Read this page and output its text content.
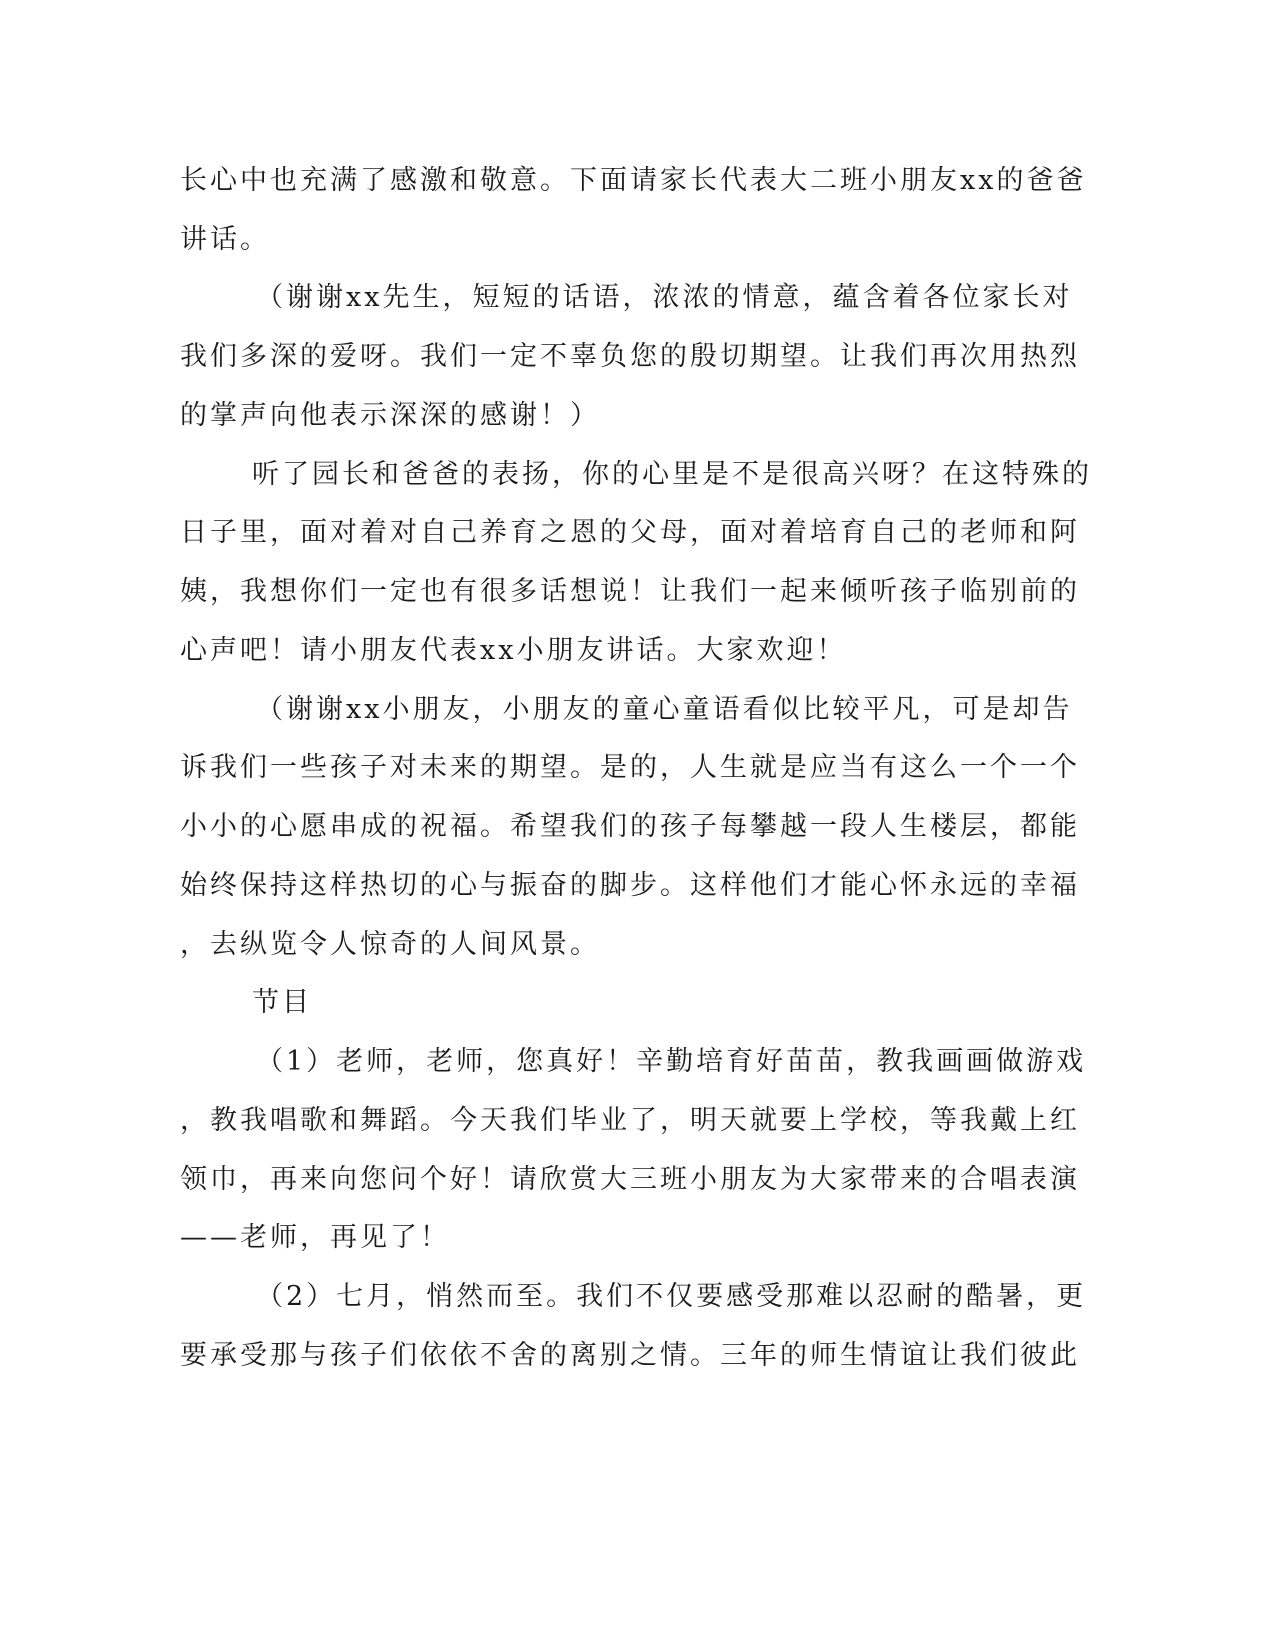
长心中也充满了感激和敬意。下面请家长代表大二班小朋友xx的爸爸
讲话。
（谢谢xx先生，短短的话语，浓浓的情意，蕴含着各位家长对
我们多深的爱呀。我们一定不辜负您的殷切期望。让我们再次用热烈
的掌声向他表示深深的感谢！）
听了园长和爸爸的表扬，你的心里是不是很高兴呀？在这特殊的
日子里，面对着对自己养育之恩的父母，面对着培育自己的老师和阿
姨，我想你们一定也有很多话想说！让我们一起来倾听孩子临别前的
心声吧！请小朋友代表xx小朋友讲话。大家欢迎！
（谢谢xx小朋友，小朋友的童心童语看似比较平凡，可是却告
诉我们一些孩子对未来的期望。是的，人生就是应当有这么一个一个
小小的心愿串成的祝福。希望我们的孩子每攀越一段人生楼层，都能
始终保持这样热切的心与振奋的脚步。这样他们才能心怀永远的幸福
，去纵览令人惊奇的人间风景。
节目
（1）老师，老师，您真好！辛勤培育好苗苗，教我画画做游戏
，教我唱歌和舞蹈。今天我们毕业了，明天就要上学校，等我戴上红
领巾，再来向您问个好！请欣赏大三班小朋友为大家带来的合唱表演
——老师，再见了！
（2）七月，悄然而至。我们不仅要感受那难以忍耐的酷暑，更
要承受那与孩子们依依不舍的离别之情。三年的师生情谊让我们彼此
